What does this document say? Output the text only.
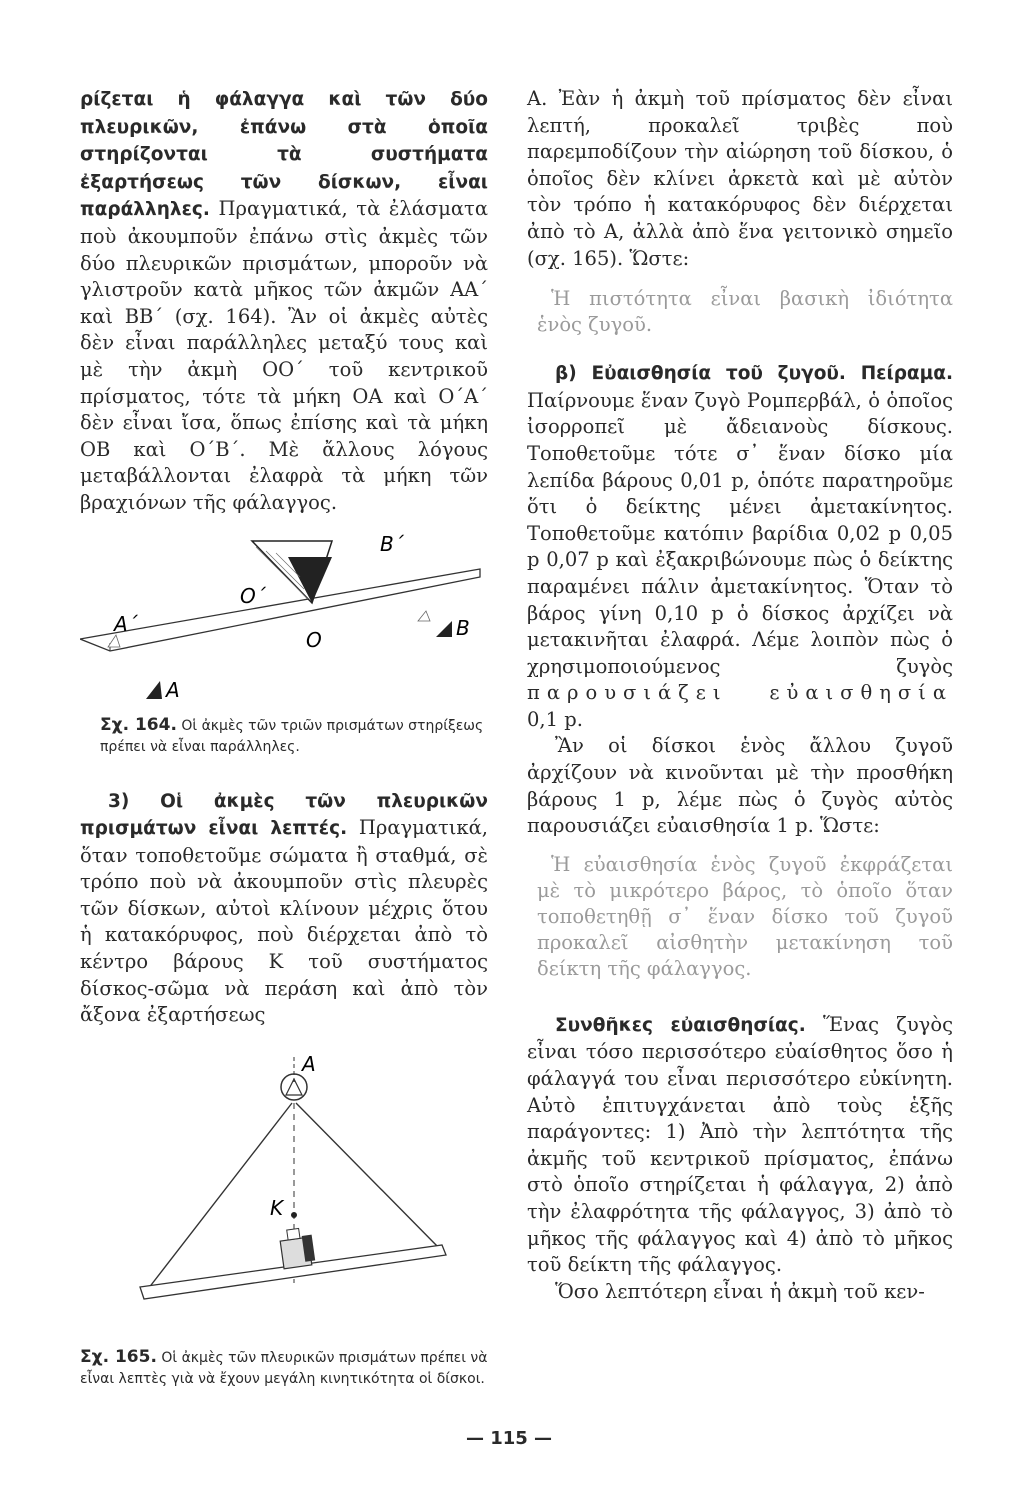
ρίζεται ἡ φάλαγγα καὶ τῶν δύο πλευρικῶν, ἐπάνω στὰ ὁποῖα στηρίζονται τὰ συστήματα ἐξαρτήσεως τῶν δίσκων, εἶναι παράλληλες. Πραγματικά, τὰ ἐλάσματα ποὺ ἀκουμποῦν ἐπάνω στὶς ἀκμὲς τῶν δύο πλευρικῶν πρισμάτων, μποροῦν νὰ γλιστροῦν κατὰ μῆκος τῶν ἀκμῶν ΑΑ΄ καὶ ΒΒ΄ (σχ. 164). Ἂν οἱ ἀκμὲς αὐτὲς δὲν εἶναι παράλληλες μεταξύ τους καὶ μὲ τὴν ἀκμὴ ΟΟ΄ τοῦ κεντρικοῦ πρίσματος, τότε τὰ μήκη ΟΑ καὶ Ο΄Α΄ δὲν εἶναι ἴσα, ὅπως ἐπίσης καὶ τὰ μήκη ΟΒ καὶ Ο΄Β΄. Μὲ ἄλλους λόγους μεταβάλλονται ἐλαφρὰ τὰ μήκη τῶν βραχιόνων τῆς φάλαγγος.

B΄
O΄
A΄	B
O
A

Σχ. 164. Οἱ ἀκμὲς τῶν τριῶν πρισμάτων στηρίξεως πρέπει νὰ εἶναι παράλληλες.

3) Οἱ ἀκμὲς τῶν πλευρικῶν πρισμάτων εἶναι λεπτές. Πραγματικά, ὅταν τοποθετοῦμε σώματα ἢ σταθμά, σὲ τρόπο ποὺ νὰ ἀκουμποῦν στὶς πλευρὲς τῶν δίσκων, αὐτοὶ κλίνουν μέχρις ὅτου ἡ κατακόρυφος, ποὺ διέρχεται ἀπὸ τὸ κέντρο βάρους Κ τοῦ συστήματος δίσκος-σῶμα νὰ περάση καὶ ἀπὸ τὸν ἄξονα ἐξαρτήσεως

A
K

Σχ. 165. Οἱ ἀκμὲς τῶν πλευρικῶν πρισμάτων πρέπει νὰ εἶναι λεπτὲς γιὰ νὰ ἔχουν μεγάλη κινητικότητα οἱ δίσκοι.

Α. Ἐὰν ἡ ἀκμὴ τοῦ πρίσματος δὲν εἶναι λεπτή, προκαλεῖ τριβὲς ποὺ παρεμποδίζουν τὴν αἰώρηση τοῦ δίσκου, ὁ ὁποῖος δὲν κλίνει ἀρκετὰ καὶ μὲ αὐτὸν τὸν τρόπο ἡ κατακόρυφος δὲν διέρχεται ἀπὸ τὸ Α, ἀλλὰ ἀπὸ ἕνα γειτονικὸ σημεῖο (σχ. 165). Ὥστε:

Ἡ πιστότητα εἶναι βασικὴ ἰδιότητα ἑνὸς ζυγοῦ.

β) Εὐαισθησία τοῦ ζυγοῦ. Πείραμα. Παίρνουμε ἕναν ζυγὸ Ρομπερβάλ, ὁ ὁποῖος ἰσορροπεῖ μὲ ἄδειανοὺς δίσκους. Τοποθετοῦμε τότε σ᾽ ἕναν δίσκο μία λεπίδα βάρους 0,01 p, ὁπότε παρατηροῦμε ὅτι ὁ δείκτης μένει ἀμετακίνητος. Τοποθετοῦμε κατόπιν βαρίδια 0,02 p 0,05 p 0,07 p καὶ ἐξακριβώνουμε πὼς ὁ δείκτης παραμένει πάλιν ἀμετακίνητος. Ὅταν τὸ βάρος γίνη 0,10 p ὁ δίσκος ἀρχίζει νὰ μετακινῆται ἐλαφρά. Λέμε λοιπὸν πὼς ὁ χρησιμοποιούμενος ζυγὸς παρουσιάζει εὐαισθησία 0,1 p.

Ἂν οἱ δίσκοι ἑνὸς ἄλλου ζυγοῦ ἀρχίζουν νὰ κινοῦνται μὲ τὴν προσθήκη βάρους 1 p, λέμε πὼς ὁ ζυγὸς αὐτὸς παρουσιάζει εὐαισθησία 1 p. Ὥστε:

Ἡ εὐαισθησία ἑνὸς ζυγοῦ ἐκφράζεται μὲ τὸ μικρότερο βάρος, τὸ ὁποῖο ὅταν τοποθετηθῇ σ᾽ ἕναν δίσκο τοῦ ζυγοῦ προκαλεῖ αἰσθητὴν μετακίνηση τοῦ δείκτη τῆς φάλαγγος.

Συνθῆκες εὐαισθησίας. Ἕνας ζυγὸς εἶναι τόσο περισσότερο εὐαίσθητος ὅσο ἡ φάλαγγά του εἶναι περισσότερο εὐκίνητη. Αὐτὸ ἐπιτυγχάνεται ἀπὸ τοὺς ἑξῆς παράγοντες: 1) Ἀπὸ τὴν λεπτότητα τῆς ἀκμῆς τοῦ κεντρικοῦ πρίσματος, ἐπάνω στὸ ὁποῖο στηρίζεται ἡ φάλαγγα, 2) ἀπὸ τὴν ἐλαφρότητα τῆς φάλαγγος, 3) ἀπὸ τὸ μῆκος τῆς φάλαγγος καὶ 4) ἀπὸ τὸ μῆκος τοῦ δείκτη τῆς φάλαγγος.

Ὅσο λεπτότερη εἶναι ἡ ἀκμὴ τοῦ κεν-

— 115 —
